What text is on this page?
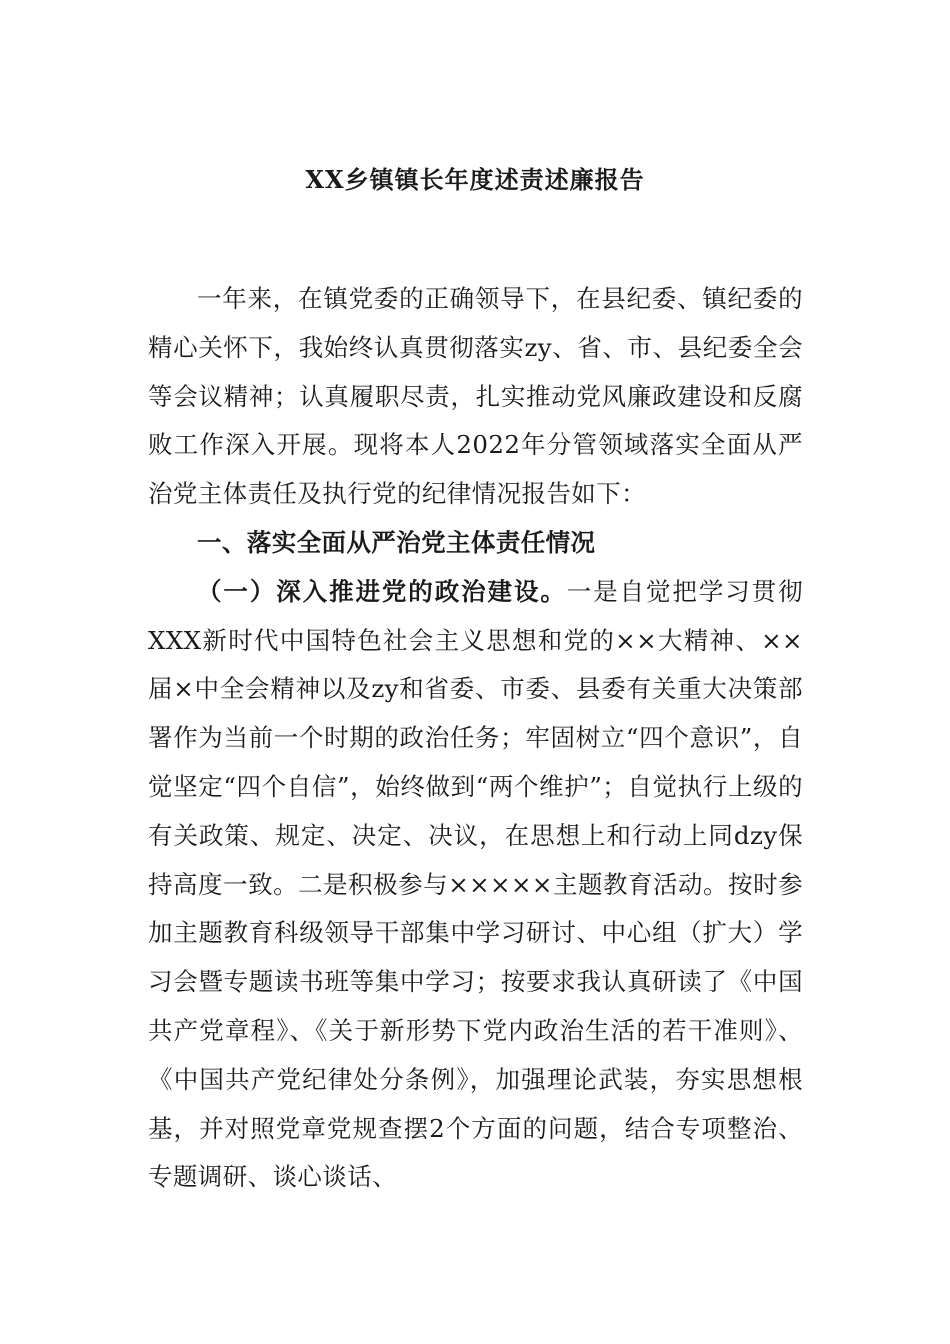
XX乡镇镇长年度述责述廉报告

一年来，在镇党委的正确领导下，在县纪委、镇纪委的精心关怀下，我始终认真贯彻落实zy、省、市、县纪委全会等会议精神；认真履职尽责，扎实推动党风廉政建设和反腐败工作深入开展。现将本人2022年分管领域落实全面从严治党主体责任及执行党的纪律情况报告如下：

一、落实全面从严治党主体责任情况

（一）深入推进党的政治建设。一是自觉把学习贯彻XXX新时代中国特色社会主义思想和党的××大精神、××届×中全会精神以及zy和省委、市委、县委有关重大决策部署作为当前一个时期的政治任务；牢固树立“四个意识”，自觉坚定“四个自信”，始终做到“两个维护”；自觉执行上级的有关政策、规定、决定、决议，在思想上和行动上同dzy保持高度一致。二是积极参与×××××主题教育活动。按时参加主题教育科级领导干部集中学习研讨、中心组（扩大）学习会暨专题读书班等集中学习；按要求我认真研读了《中国共产党章程》、《关于新形势下党内政治生活的若干准则》、《中国共产党纪律处分条例》，加强理论武装，夯实思想根基，并对照党章党规查摆2个方面的问题，结合专项整治、专题调研、谈心谈话、
